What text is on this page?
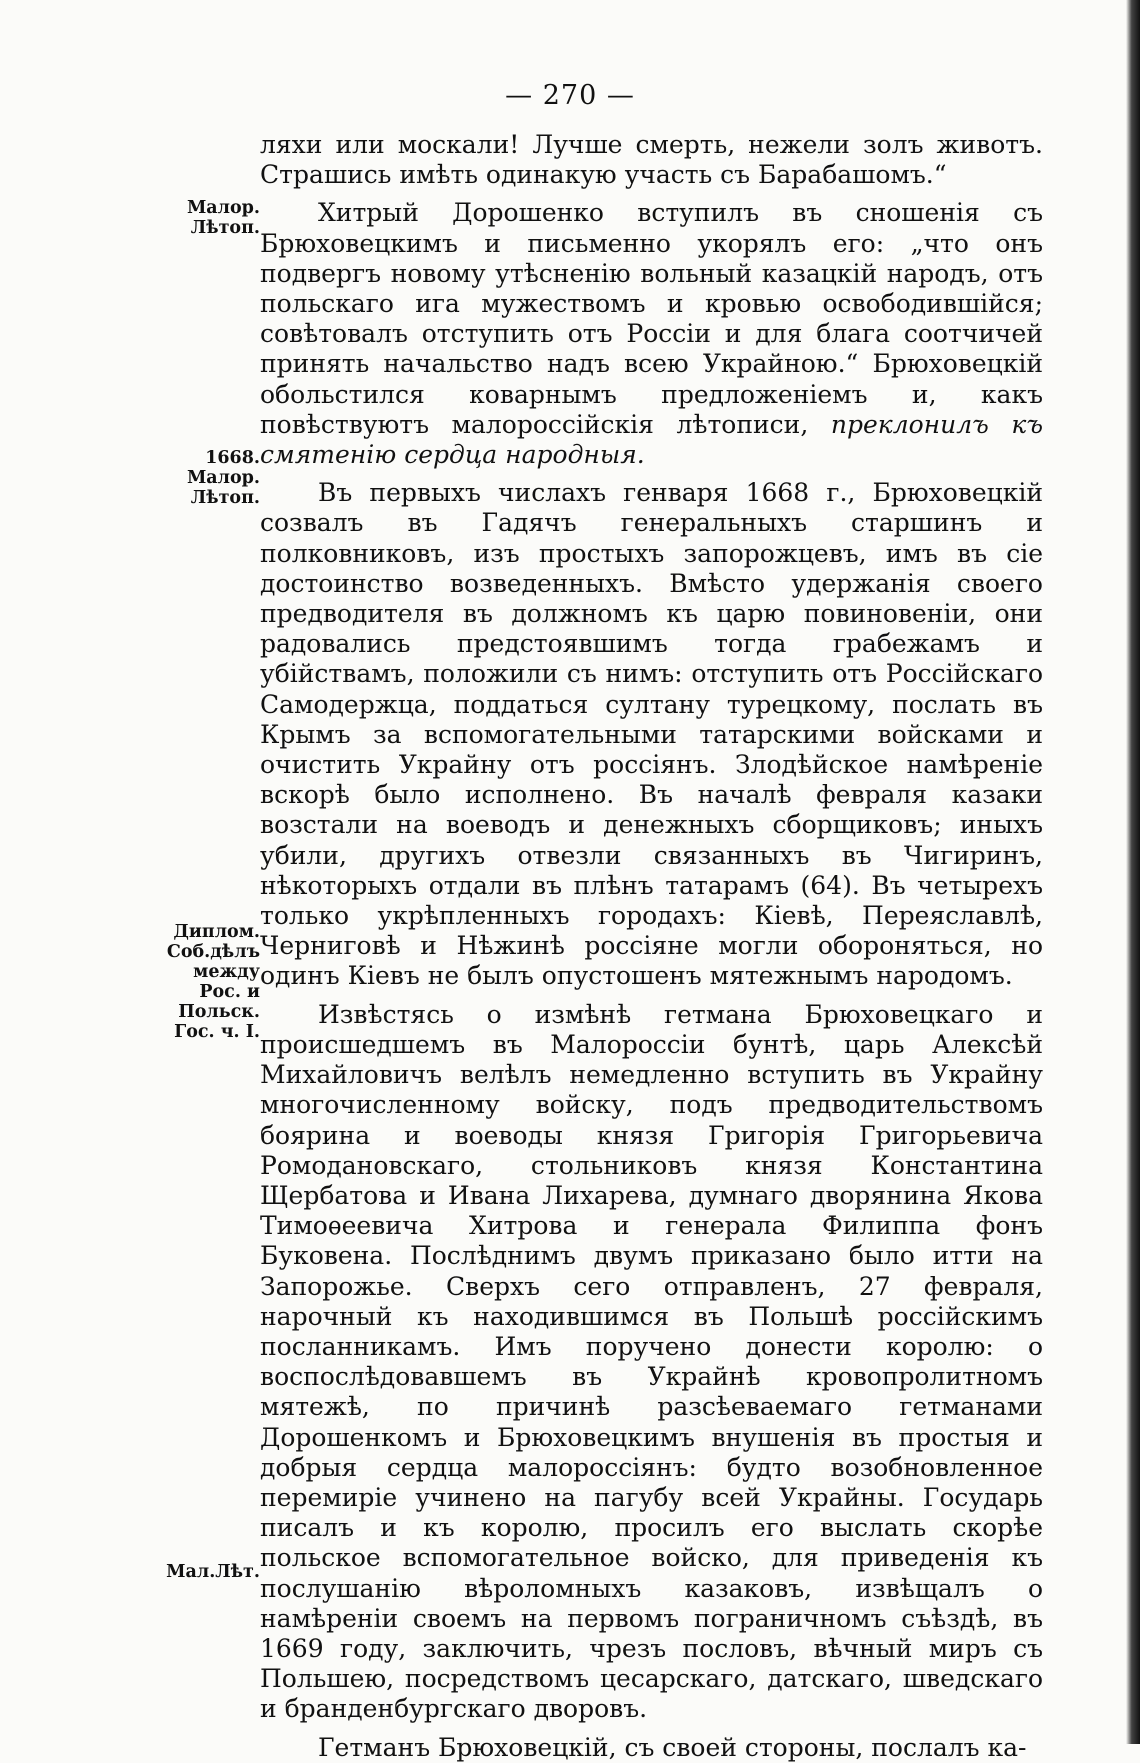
— 270 —

ляхи или москали! Лучше смерть, нежели золъ животъ. Страшись имѣть одинакую участь съ Барабашомъ.“

Хитрый Дорошенко вступилъ въ сношенія съ Брюховецкимъ и письменно укорялъ его: „что онъ подвергъ новому утѣсненію вольный казацкій народъ, отъ польскаго ига мужествомъ и кровью освободившійся; совѣтовалъ отступить отъ Россіи и для блага соотчичей принять начальство надъ всею Украйною.“ Брюховецкій обольстился коварнымъ предложеніемъ и, какъ повѣствуютъ малороссійскія лѣтописи, преклонилъ къ смятенію сердца народныя.

Въ первыхъ числахъ генваря 1668 г., Брюховецкій созвалъ въ Гадячъ генеральныхъ старшинъ и полковниковъ, изъ простыхъ запорожцевъ, имъ въ сіе достоинство возведенныхъ. Вмѣсто удержанія своего предводителя въ должномъ къ царю повиновеніи, они радовались предстоявшимъ тогда грабежамъ и убійствамъ, положили съ нимъ: отступить отъ Россійскаго Самодержца, поддаться султану турецкому, послать въ Крымъ за вспомогательными татарскими войсками и очистить Украйну отъ россіянъ. Злодѣйское намѣреніе вскорѣ было исполнено. Въ началѣ февраля казаки возстали на воеводъ и денежныхъ сборщиковъ; иныхъ убили, другихъ отвезли связанныхъ въ Чигиринъ, нѣкоторыхъ отдали въ плѣнъ татарамъ (64). Въ четырехъ только укрѣпленныхъ городахъ: Кіевѣ, Переяславлѣ, Черниговѣ и Нѣжинѣ россіяне могли обороняться, но одинъ Кіевъ не былъ опустошенъ мятежнымъ народомъ.

Извѣстясь о измѣнѣ гетмана Брюховецкаго и происшедшемъ въ Малороссіи бунтѣ, царь Алексѣй Михайловичъ велѣлъ немедленно вступить въ Украйну многочисленному войску, подъ предводительствомъ боярина и воеводы князя Григорія Григорьевича Ромодановскаго, стольниковъ князя Константина Щербатова и Ивана Лихарева, думнаго дворянина Якова Тимоѳеевича Хитрова и генерала Филиппа фонъ Буковена. Послѣднимъ двумъ приказано было итти на Запорожье. Сверхъ сего отправленъ, 27 февраля, нарочный къ находившимся въ Польшѣ россійскимъ посланникамъ. Имъ поручено донести королю: о воспослѣдовавшемъ въ Украйнѣ кровопролитномъ мятежѣ, по причинѣ разсѣеваемаго гетманами Дорошенкомъ и Брюховецкимъ внушенія въ простыя и добрыя сердца малороссіянъ: будто возобновленное перемиріе учинено на пагубу всей Украйны. Государь писалъ и къ королю, просилъ его выслать скорѣе польское вспомогательное войско, для приведенія къ послушанію вѣроломныхъ казаковъ, извѣщалъ о намѣреніи своемъ на первомъ пограничномъ съѣздѣ, въ 1669 году, заключить, чрезъ пословъ, вѣчный миръ съ Польшею, посредствомъ цесарскаго, датскаго, шведскаго и бранденбургскаго дворовъ.

Гетманъ Брюховецкій, съ своей стороны, послалъ ка-

Малор.
Лѣтоп.
1668.
Малор.
Лѣтоп.
Диплом.
Соб.дѣлъ
между
Рос. и
Польск.
Гос. ч. I.
Мал.Лѣт.
